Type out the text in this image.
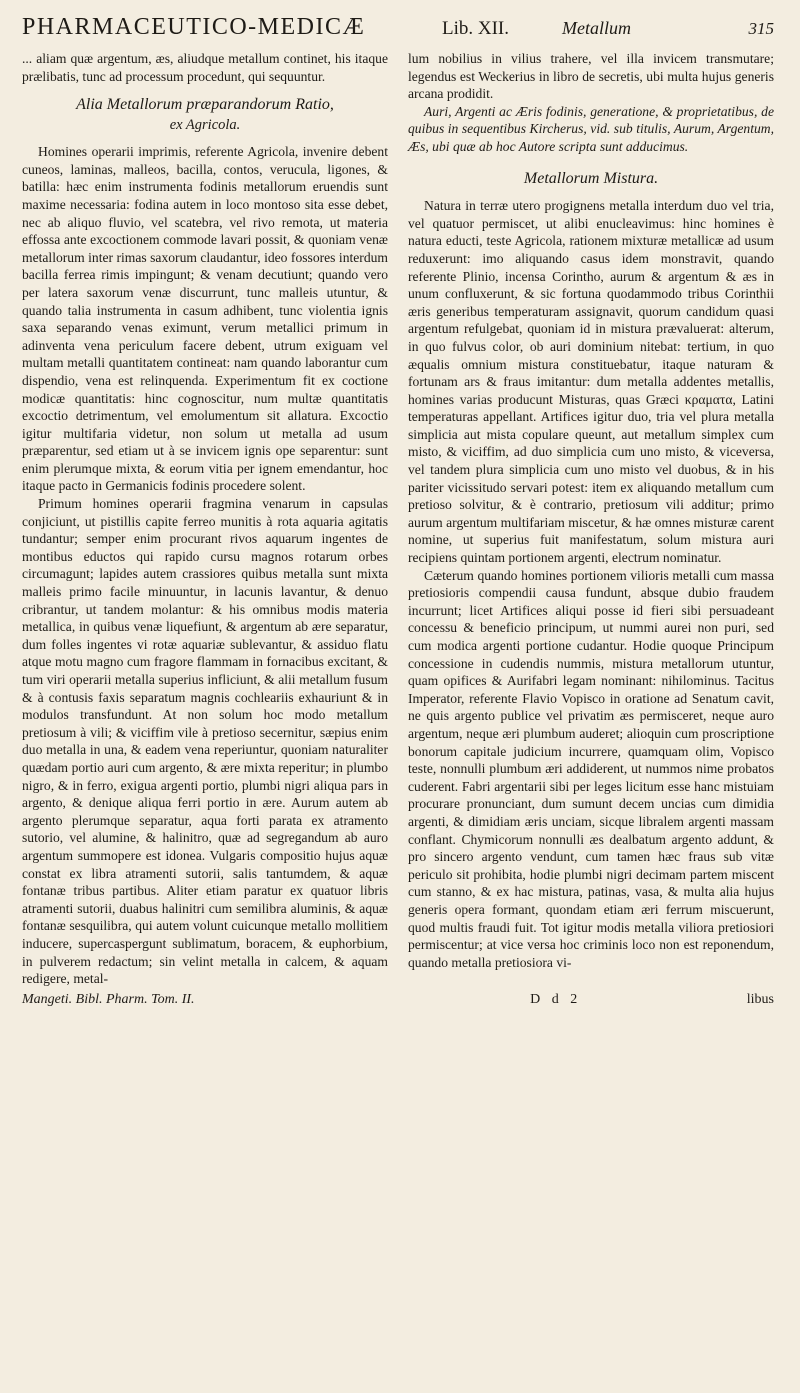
PHARMACEUTICO-MEDICÆ	Lib. XII.	Metallum	315

... aliam quæ argentum, æs, aliudque metallum continet, his itaque prælibatis, tunc ad processum procedunt, qui sequuntur.

Alia Metallorum præparandorum Ratio,
ex Agricola.

Homines operarii imprimis, referente Agricola, invenire debent cuneos, laminas, malleos, bacilla, contos, verucula, ligones, & batilla: hæc enim instrumenta fodinis metallorum eruendis sunt maxime necessaria: fodina autem in loco montoso sita esse debet, nec ab aliquo fluvio, vel scatebra, vel rivo remota, ut materia effossa ante excoctionem commode lavari possit, & quoniam venæ metallorum inter rimas saxorum claudantur, ideo fossores interdum bacilla ferrea rimis impingunt; & venam decutiunt; quando vero per latera saxorum venæ discurrunt, tunc malleis utuntur, & quando talia instrumenta in casum adhibent, tunc violentia ignis saxa separando venas eximunt, verum metallici primum in adinventa vena periculum facere debent, utrum exiguam vel multam metalli quantitatem contineat: nam quando laborantur cum dispendio, vena est relinquenda. Experimentum fit ex coctione modicæ quantitatis: hinc cognoscitur, num multæ quantitatis excoctio detrimentum, vel emolumentum sit allatura. Excoctio igitur multifaria videtur, non solum ut metalla ad usum præparentur, sed etiam ut à se invicem ignis ope separentur: sunt enim plerumque mixta, & eorum vitia per ignem emendantur, hoc itaque pacto in Germanicis fodinis procedere solent.

Primum homines operarii fragmina venarum in capsulas conjiciunt, ut pistillis capite ferreo munitis à rota aquaria agitatis tundantur; semper enim procurant rivos aquarum ingentes de montibus eductos qui rapido cursu magnos rotarum orbes circumagunt; lapides autem crassiores quibus metalla sunt mixta malleis primo facile minuuntur, in lacunis lavantur, & denuo cribrantur, ut tandem molantur: & his omnibus modis materia metallica, in quibus venæ liquefiunt, & argentum ab ære separatur, dum folles ingentes vi rotæ aquariæ sublevantur, & assiduo flatu atque motu magno cum fragore flammam in fornacibus excitant, & tum viri operarii metalla superius infliciunt, & alii metallum fusum & à contusis faxis separatum magnis cochleariis exhauriunt & in modulos transfundunt. At non solum hoc modo metallum pretiosum à vili; & viciffim vile à pretioso secernitur, sæpius enim duo metalla in una, & eadem vena reperiuntur, quoniam naturaliter quædam portio auri cum argento, & ære mixta reperitur; in plumbo nigro, & in ferro, exigua argenti portio, plumbi nigri aliqua pars in argento, & denique aliqua ferri portio in ære. Aurum autem ab argento plerumque separatur, aqua forti parata ex atramento sutorio, vel alumine, & halinitro, quæ ad segregandum ab auro argentum summopere est idonea. Vulgaris compositio hujus aquæ constat ex libra atramenti sutorii, salis tantumdem, & aquæ fontanæ tribus partibus. Aliter etiam paratur ex quatuor libris atramenti sutorii, duabus halinitri cum semilibra aluminis, & aquæ fontanæ sesquilibra, qui autem volunt cuicunque metallo mollitiem inducere, supercaspergunt sublimatum, boracem, & euphorbium, in pulverem redactum; sin velint metalla in calcem, & aquam redigere, metal-

lum nobilius in vilius trahere, vel illa invicem transmutare; legendus est Weckerius in libro de secretis, ubi multa hujus generis arcana prodidit.

Auri, Argenti ac Æris fodinis, generatione, & proprietatibus, de quibus in sequentibus Kircherus, vid. sub titulis, Aurum, Argentum, Æs, ubi quæ ab hoc Autore scripta sunt adducimus.

Metallorum Mistura.

Natura in terræ utero progignens metalla interdum duo vel tria, vel quatuor permiscet, ut alibi enucleavimus: hinc homines è natura educti, teste Agricola, rationem mixturæ metallicæ ad usum reduxerunt: imo aliquando casus idem monstravit, quando referente Plinio, incensa Corintho, aurum & argentum & æs in unum confluxerunt, & sic fortuna quodammodo tribus Corinthii æris generibus temperaturam assignavit, quorum candidum quasi argentum refulgebat, quoniam id in mistura prævaluerat: alterum, in quo fulvus color, ob auri dominium nitebat: tertium, in quo æqualis omnium mistura constituebatur, itaque naturam & fortunam ars & fraus imitantur: dum metalla addentes metallis, homines varias producunt Misturas, quas Græci κραματα, Latini temperaturas appellant. Artifices igitur duo, tria vel plura metalla simplicia aut mista copulare queunt, aut metallum simplex cum misto, & viciffim, ad duo simplicia cum uno misto, & viceversa, vel tandem plura simplicia cum uno misto vel duobus, & in his pariter vicissitudo servari potest: item ex aliquando metallum cum pretioso solvitur, & è contrario, pretiosum vili additur; primo aurum argentum multifariam miscetur, & hæ omnes misturæ carent nomine, ut superius fuit manifestatum, solum mistura auri recipiens quintam portionem argenti, electrum nominatur.

Cæterum quando homines portionem vilioris metalli cum massa pretiosioris compendii causa fundunt, absque dubio fraudem incurrunt; licet Artifices aliqui posse id fieri sibi persuadeant concessu & beneficio principum, ut nummi aurei non puri, sed cum modica argenti portione cudantur. Hodie quoque Principum concessione in cudendis nummis, mistura metallorum utuntur, quam opifices & Aurifabri legam nominant: nihilominus. Tacitus Imperator, referente Flavio Vopisco in oratione ad Senatum cavit, ne quis argento publice vel privatim æs permisceret, neque auro argentum, neque æri plumbum auderet; alioquin cum proscriptione bonorum capitale judicium incurrere, quamquam olim, Vopisco teste, nonnulli plumbum æri addiderent, ut nummos nime probatos cuderent. Fabri argentarii sibi per leges licitum esse hanc mistuiam procurare pronunciant, dum sumunt decem uncias cum dimidia argenti, & dimidiam æris unciam, sicque libralem argenti massam conflant. Chymicorum nonnulli æs dealbatum argento addunt, & pro sincero argento vendunt, cum tamen hæc fraus sub vitæ periculo sit prohibita, hodie plumbi nigri decimam partem miscent cum stanno, & ex hac mistura, patinas, vasa, & multa alia hujus generis opera formant, quondam etiam æri ferrum miscuerunt, quod multis fraudi fuit. Tot igitur modis metalla viliora pretiosiori permiscentur; at vice versa hoc criminis loco non est reponendum, quando metalla pretiosiora vi-

Mangeti. Bibl. Pharm. Tom. II.	D d 2	libus
